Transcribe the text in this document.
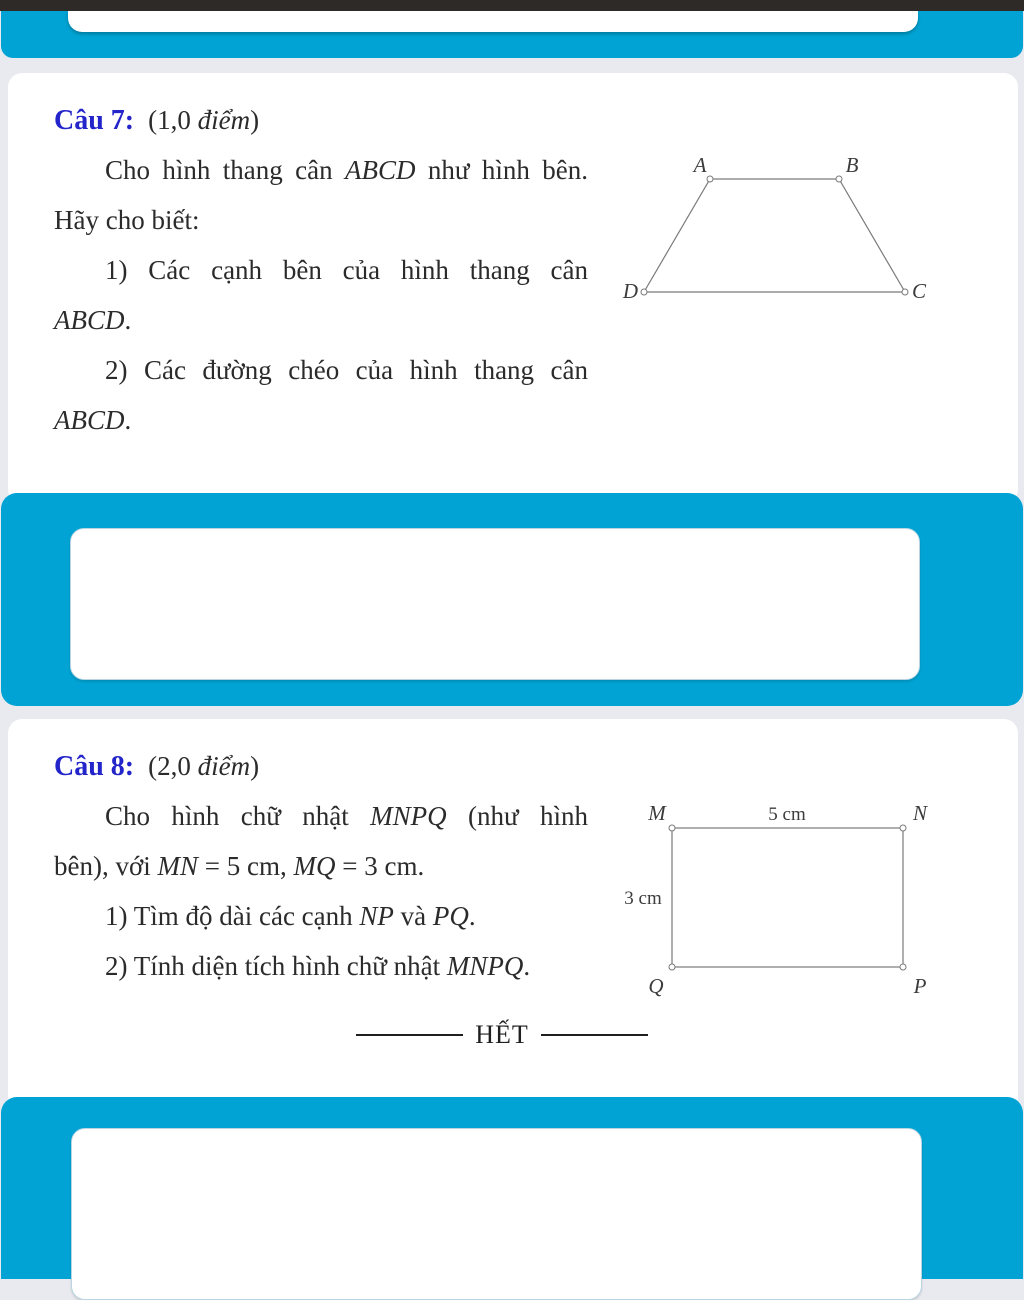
Câu 7: (1,0 điểm)

Cho hình thang cân ABCD như hình bên.

Hãy cho biết:

1) Các cạnh bên của hình thang cân

ABCD.

2) Các đường chéo của hình thang cân

ABCD.

A	B
C
D
Câu 8: (2,0 điểm)

Cho hình chữ nhật MNPQ (như hình

bên), với MN = 5 cm, MQ = 3 cm.

1) Tìm độ dài các cạnh NP và PQ.

2) Tính diện tích hình chữ nhật MNPQ.

M	N
P
Q
5 cm
3 cm
HẾT
